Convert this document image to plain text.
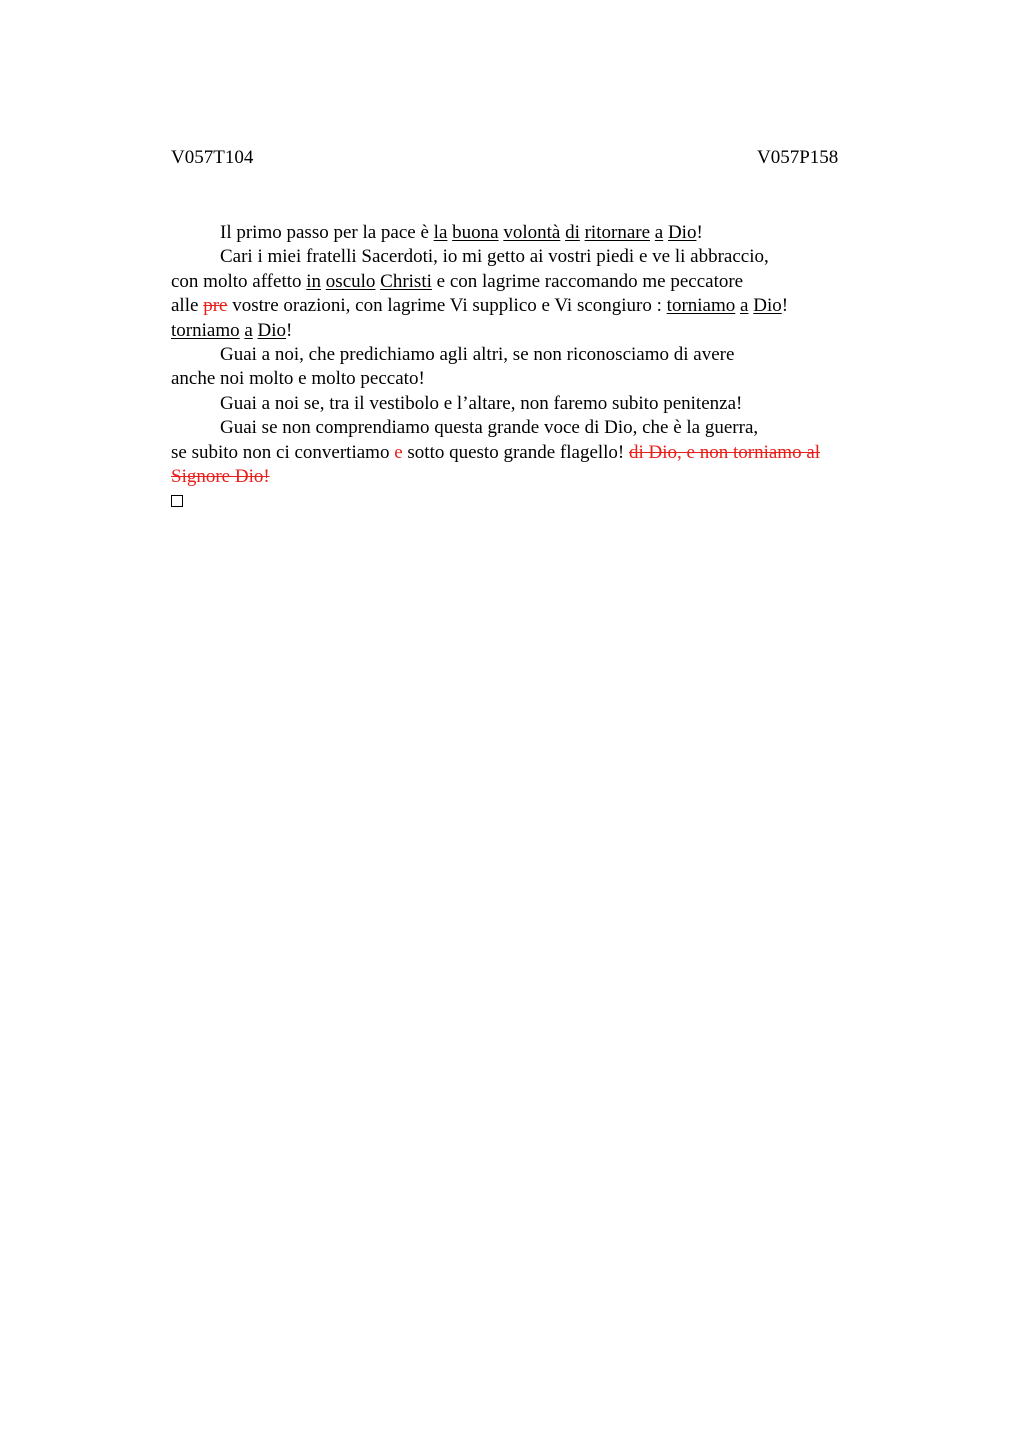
V057T104	V057P158
Il primo passo per la pace è la buona volontà di ritornare a Dio!
Cari i miei fratelli Sacerdoti, io mi getto ai vostri piedi e ve li abbraccio,
con molto affetto in osculo Christi e con lagrime raccomando me peccatore
alle pre vostre orazioni, con lagrime Vi supplico e Vi scongiuro : torniamo a Dio!
torniamo a Dio!
Guai a noi, che predichiamo agli altri, se non riconosciamo di avere
anche noi molto e molto peccato!
Guai a noi se, tra il vestibolo e l’altare, non faremo subito penitenza!
Guai se non comprendiamo questa grande voce di Dio, che è la guerra,
se subito non ci convertiamo e sotto questo grande flagello! di Dio, e non torniamo al
Signore Dio!
